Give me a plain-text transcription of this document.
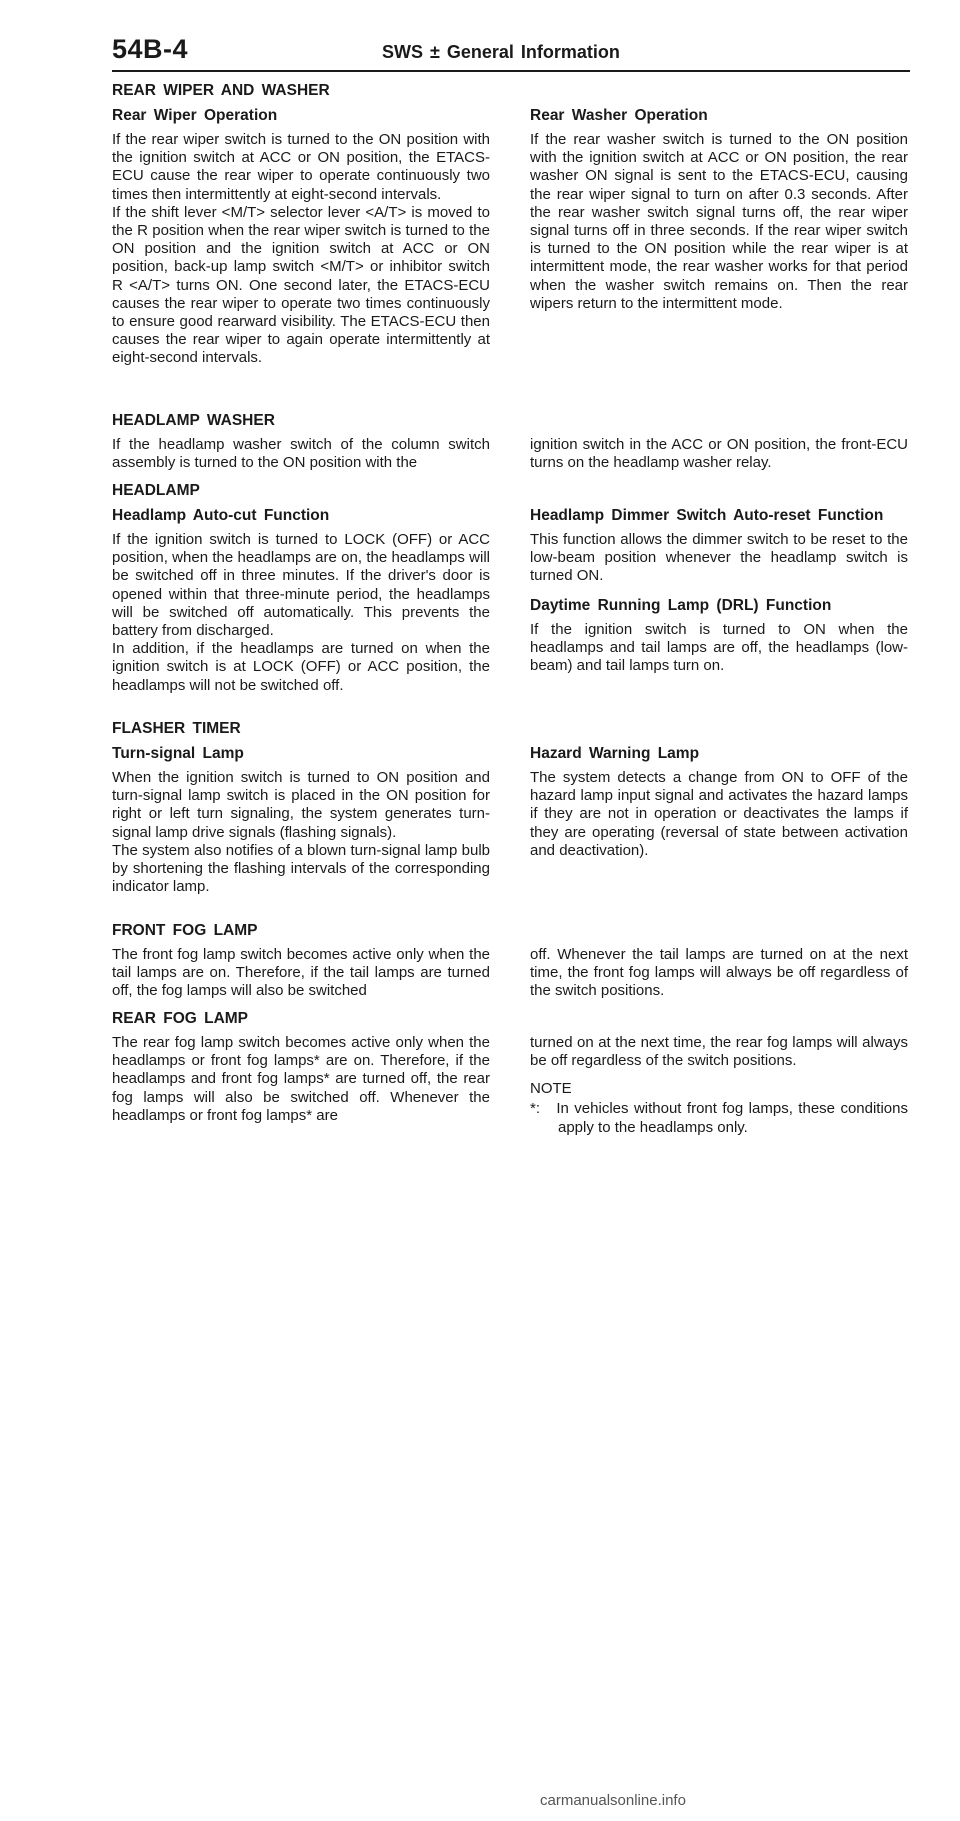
54B-4	SWS ± General Information
REAR WIPER AND WASHER
Rear Wiper Operation

If the rear wiper switch is turned to the ON position with the ignition switch at ACC or ON position, the ETACS-ECU cause the rear wiper to operate continuously two times then intermittently at eight-second intervals.

If the shift lever <M/T> selector lever <A/T> is moved to the R position when the rear wiper switch is turned to the ON position and the ignition switch at ACC or ON position, back-up lamp switch <M/T> or inhibitor switch R <A/T> turns ON. One second later, the ETACS-ECU causes the rear wiper to operate two times continuously to ensure good rearward visibility. The ETACS-ECU then causes the rear wiper to again operate intermittently at eight-second intervals.

Rear Washer Operation

If the rear washer switch is turned to the ON position with the ignition switch at ACC or ON position, the rear washer ON signal is sent to the ETACS-ECU, causing the rear wiper signal to turn on after 0.3 seconds. After the rear washer switch signal turns off, the rear wiper signal turns off in three seconds. If the rear wiper switch is turned to the ON position while the rear wiper is at intermittent mode, the rear washer works for that period when the washer switch remains on. Then the rear wipers return to the intermittent mode.

HEADLAMP WASHER

If the headlamp washer switch of the column switch assembly is turned to the ON position with the

ignition switch in the ACC or ON position, the front-ECU turns on the headlamp washer relay.

HEADLAMP
Headlamp Auto-cut Function

If the ignition switch is turned to LOCK (OFF) or ACC position, when the headlamps are on, the headlamps will be switched off in three minutes. If the driver's door is opened within that three-minute period, the headlamps will be switched off automatically. This prevents the battery from discharged.

In addition, if the headlamps are turned on when the ignition switch is at LOCK (OFF) or ACC position, the headlamps will not be switched off.

Headlamp Dimmer Switch Auto-reset Function

This function allows the dimmer switch to be reset to the low-beam position whenever the headlamp switch is turned ON.

Daytime Running Lamp (DRL) Function

If the ignition switch is turned to ON when the headlamps and tail lamps are off, the headlamps (low-beam) and tail lamps turn on.

FLASHER TIMER
Turn-signal Lamp

When the ignition switch is turned to ON position and turn-signal lamp switch is placed in the ON position for right or left turn signaling, the system generates turn-signal lamp drive signals (flashing signals).

The system also notifies of a blown turn-signal lamp bulb by shortening the flashing intervals of the corresponding indicator lamp.

Hazard Warning Lamp

The system detects a change from ON to OFF of the hazard lamp input signal and activates the hazard lamps if they are not in operation or deactivates the lamps if they are operating (reversal of state between activation and deactivation).

FRONT FOG LAMP

The front fog lamp switch becomes active only when the tail lamps are on. Therefore, if the tail lamps are turned off, the fog lamps will also be switched

off. Whenever the tail lamps are turned on at the next time, the front fog lamps will always be off regardless of the switch positions.

REAR FOG LAMP

The rear fog lamp switch becomes active only when the headlamps or front fog lamps* are on. Therefore, if the headlamps and front fog lamps* are turned off, the rear fog lamps will also be switched off. Whenever the headlamps or front fog lamps* are

turned on at the next time, the rear fog lamps will always be off regardless of the switch positions.

NOTE
*:   In vehicles without front fog lamps, these conditions apply to the headlamps only.
carmanualsonline.info
